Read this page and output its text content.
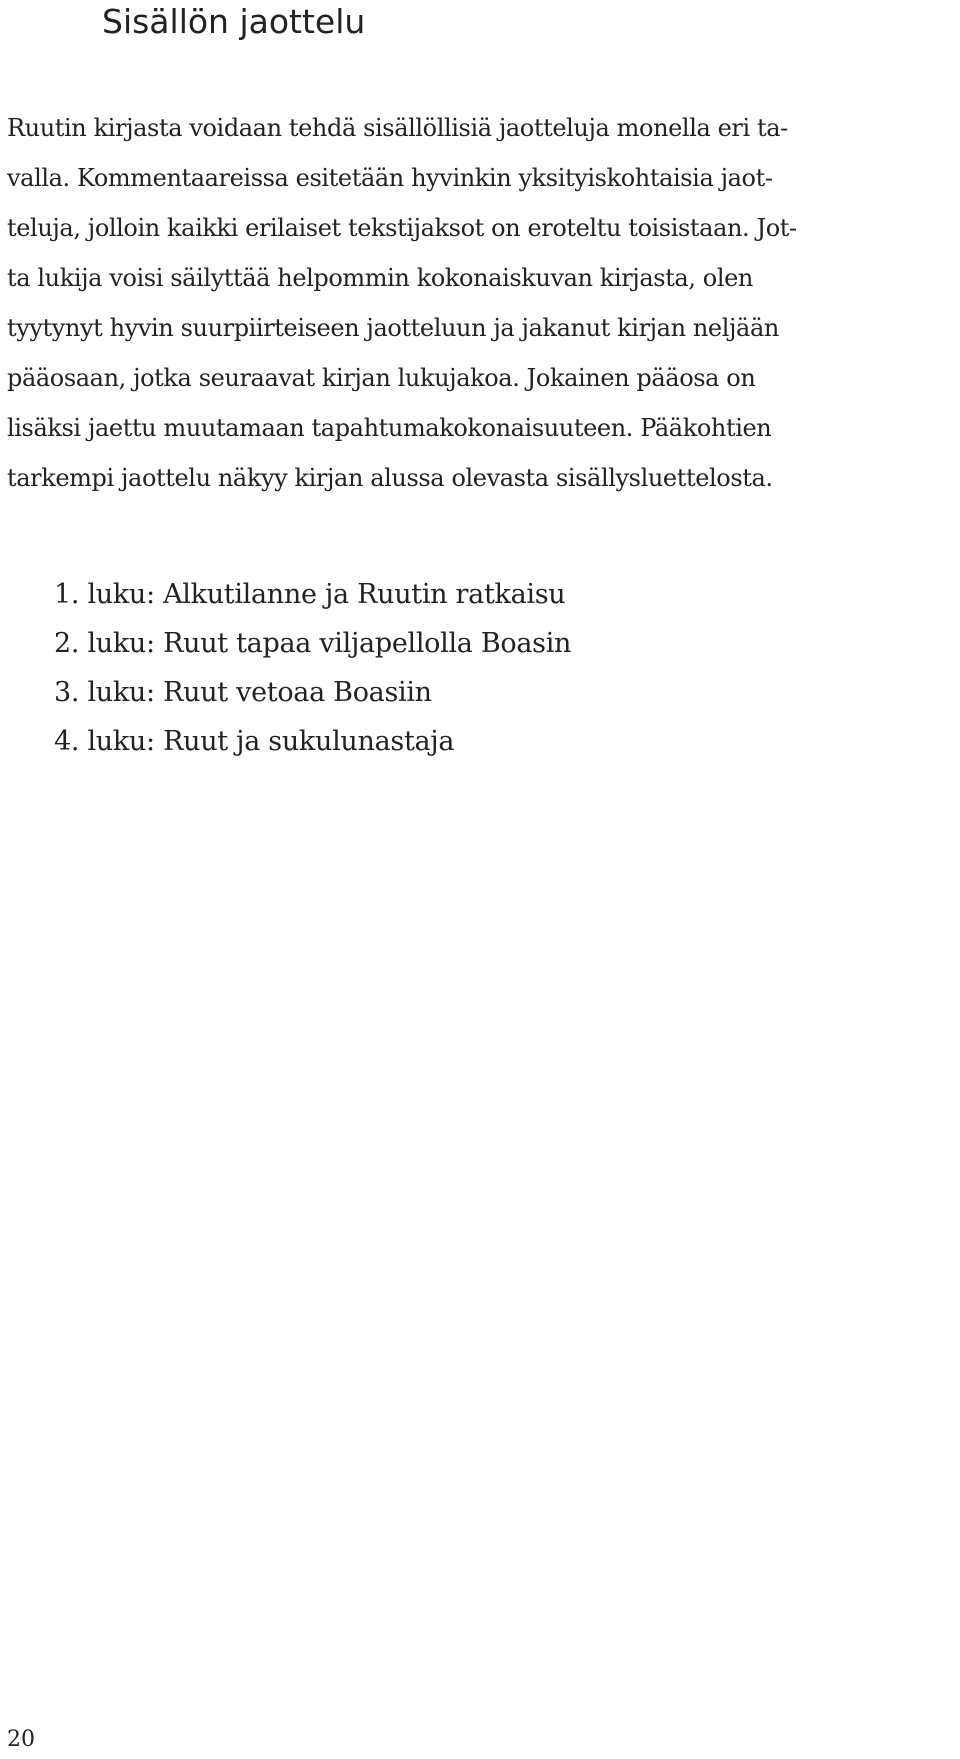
Sisällön jaottelu

Ruutin kirjasta voidaan tehdä sisällöllisiä jaotteluja monella eri ta-
valla. Kommentaareissa esitetään hyvinkin yksityiskohtaisia jaot-
teluja, jolloin kaikki erilaiset tekstijaksot on eroteltu toisistaan. Jot-
ta lukija voisi säilyttää helpommin kokonaiskuvan kirjasta, olen
tyytynyt hyvin suurpiirteiseen jaotteluun ja jakanut kirjan neljään
pääosaan, jotka seuraavat kirjan lukujakoa. Jokainen pääosa on
lisäksi jaettu muutamaan tapahtumakokonaisuuteen. Pääkohtien
tarkempi jaottelu näkyy kirjan alussa olevasta sisällysluettelosta.

1. luku: Alkutilanne ja Ruutin ratkaisu
2. luku: Ruut tapaa viljapellolla Boasin
3. luku: Ruut vetoaa Boasiin
4. luku: Ruut ja sukulunastaja
20
